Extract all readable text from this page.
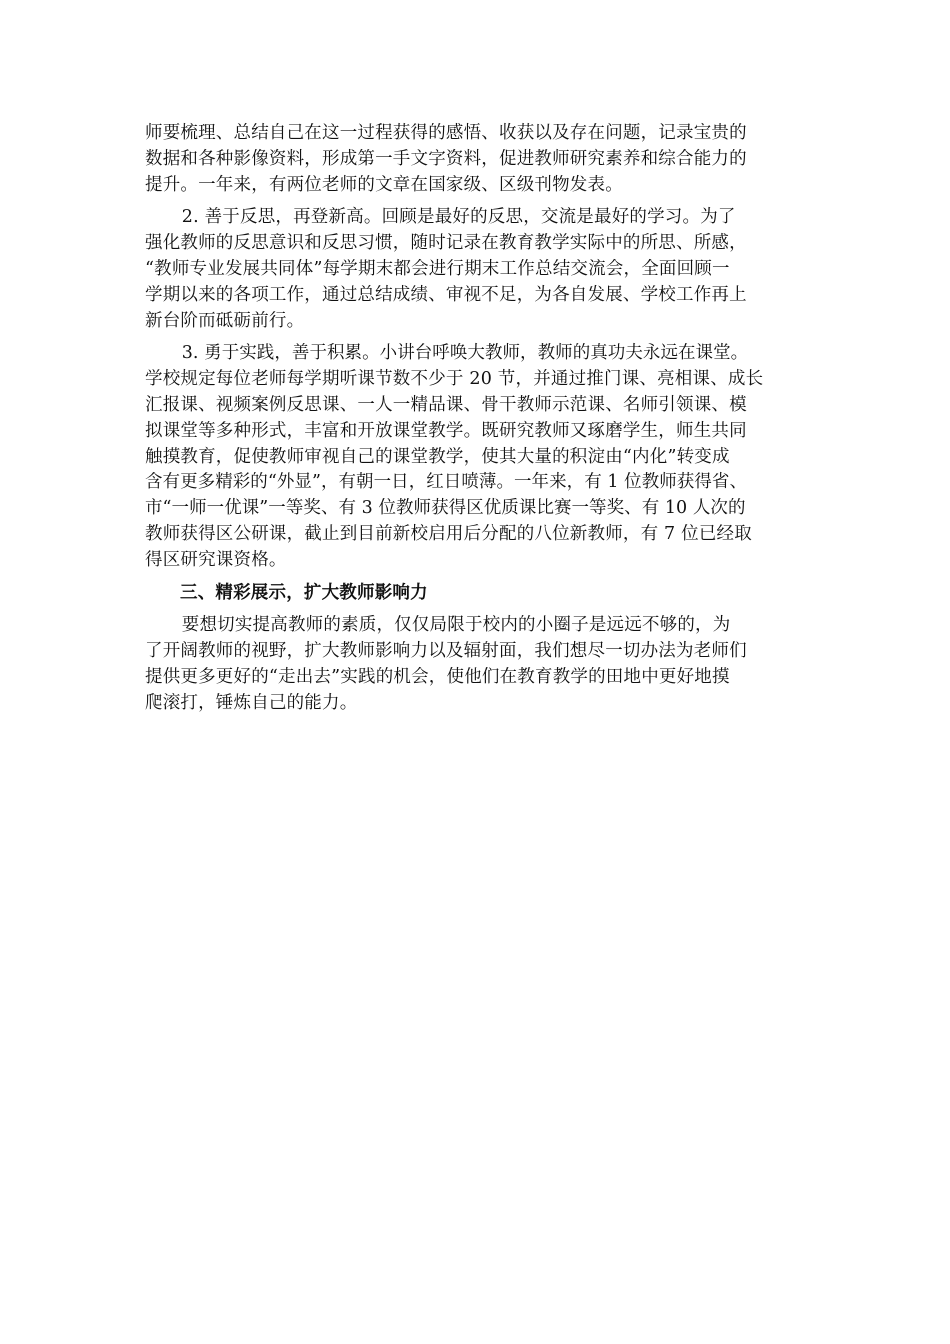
师要梳理、总结自己在这一过程获得的感悟、收获以及存在问题，记录宝贵的
数据和各种影像资料，形成第一手文字资料，促进教师研究素养和综合能力的
提升。一年来，有两位老师的文章在国家级、区级刊物发表。
2. 善于反思，再登新高。回顾是最好的反思，交流是最好的学习。为了
强化教师的反思意识和反思习惯，随时记录在教育教学实际中的所思、所感，
“教师专业发展共同体”每学期末都会进行期末工作总结交流会，全面回顾一
学期以来的各项工作，通过总结成绩、审视不足，为各自发展、学校工作再上
新台阶而砥砺前行。
3. 勇于实践，善于积累。小讲台呼唤大教师，教师的真功夫永远在课堂。
学校规定每位老师每学期听课节数不少于 20 节，并通过推门课、亮相课、成长
汇报课、视频案例反思课、一人一精品课、骨干教师示范课、名师引领课、模
拟课堂等多种形式，丰富和开放课堂教学。既研究教师又琢磨学生，师生共同
触摸教育，促使教师审视自己的课堂教学，使其大量的积淀由“内化”转变成
含有更多精彩的“外显”，有朝一日，红日喷薄。一年来，有 1 位教师获得省、
市“一师一优课”一等奖、有 3 位教师获得区优质课比赛一等奖、有 10 人次的
教师获得区公研课，截止到目前新校启用后分配的八位新教师，有 7 位已经取
得区研究课资格。
三、精彩展示，扩大教师影响力
要想切实提高教师的素质，仅仅局限于校内的小圈子是远远不够的，为
了开阔教师的视野，扩大教师影响力以及辐射面，我们想尽一切办法为老师们
提供更多更好的“走出去”实践的机会，使他们在教育教学的田地中更好地摸
爬滚打，锤炼自己的能力。
